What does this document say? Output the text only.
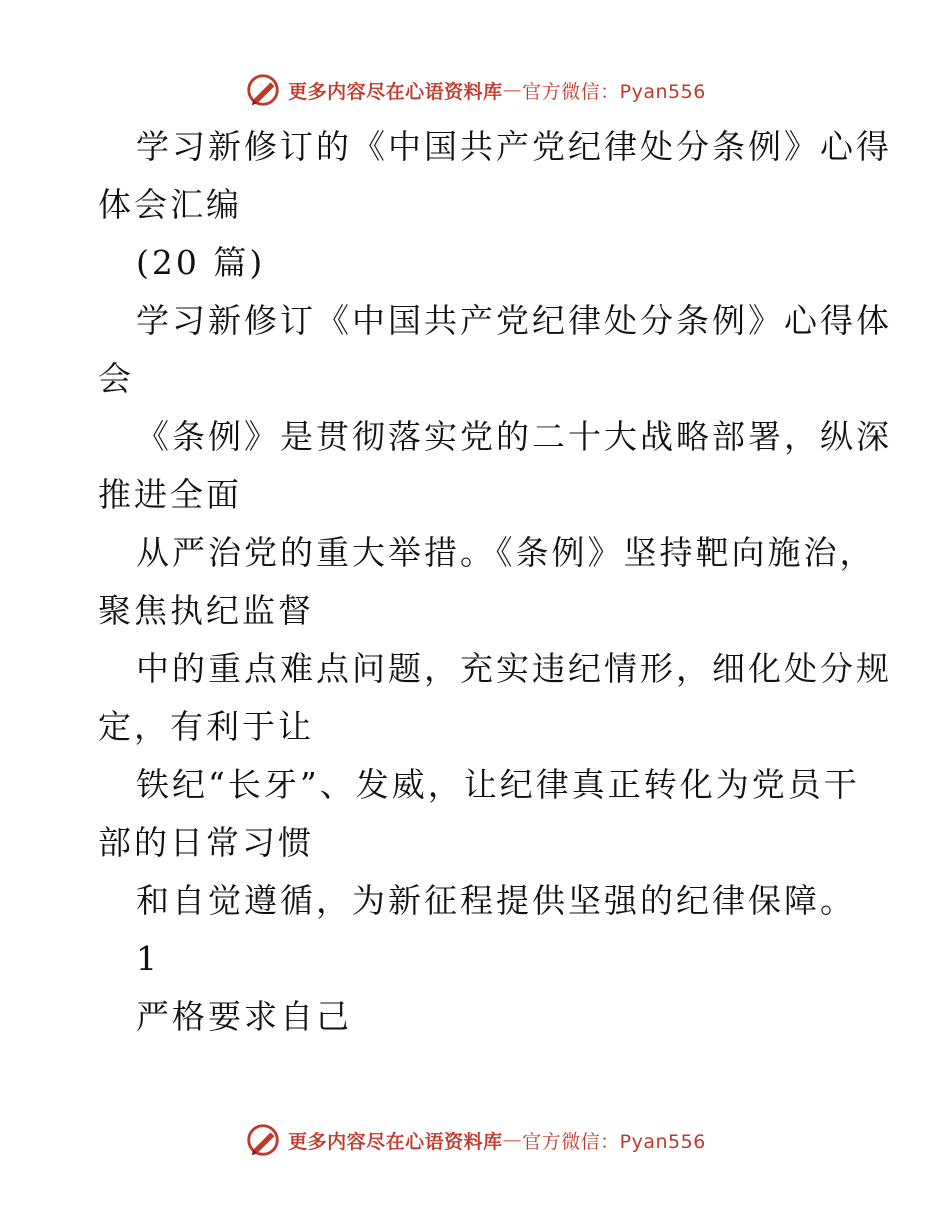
更多内容尽在心语资料库 — 官方微信：Pyan556
学习新修订的《中国共产党纪律处分条例》心得
体会汇编
(20 篇)
学习新修订《中国共产党纪律处分条例》心得体
会
《条例》是贯彻落实党的二十大战略部署，纵深
推进全面
从严治党的重大举措。《条例》坚持靶向施治，
聚焦执纪监督
中的重点难点问题，充实违纪情形，细化处分规
定，有利于让
铁纪“长牙”、发威，让纪律真正转化为党员干
部的日常习惯
和自觉遵循，为新征程提供坚强的纪律保障。
1
严格要求自己
更多内容尽在心语资料库 — 官方微信：Pyan556
